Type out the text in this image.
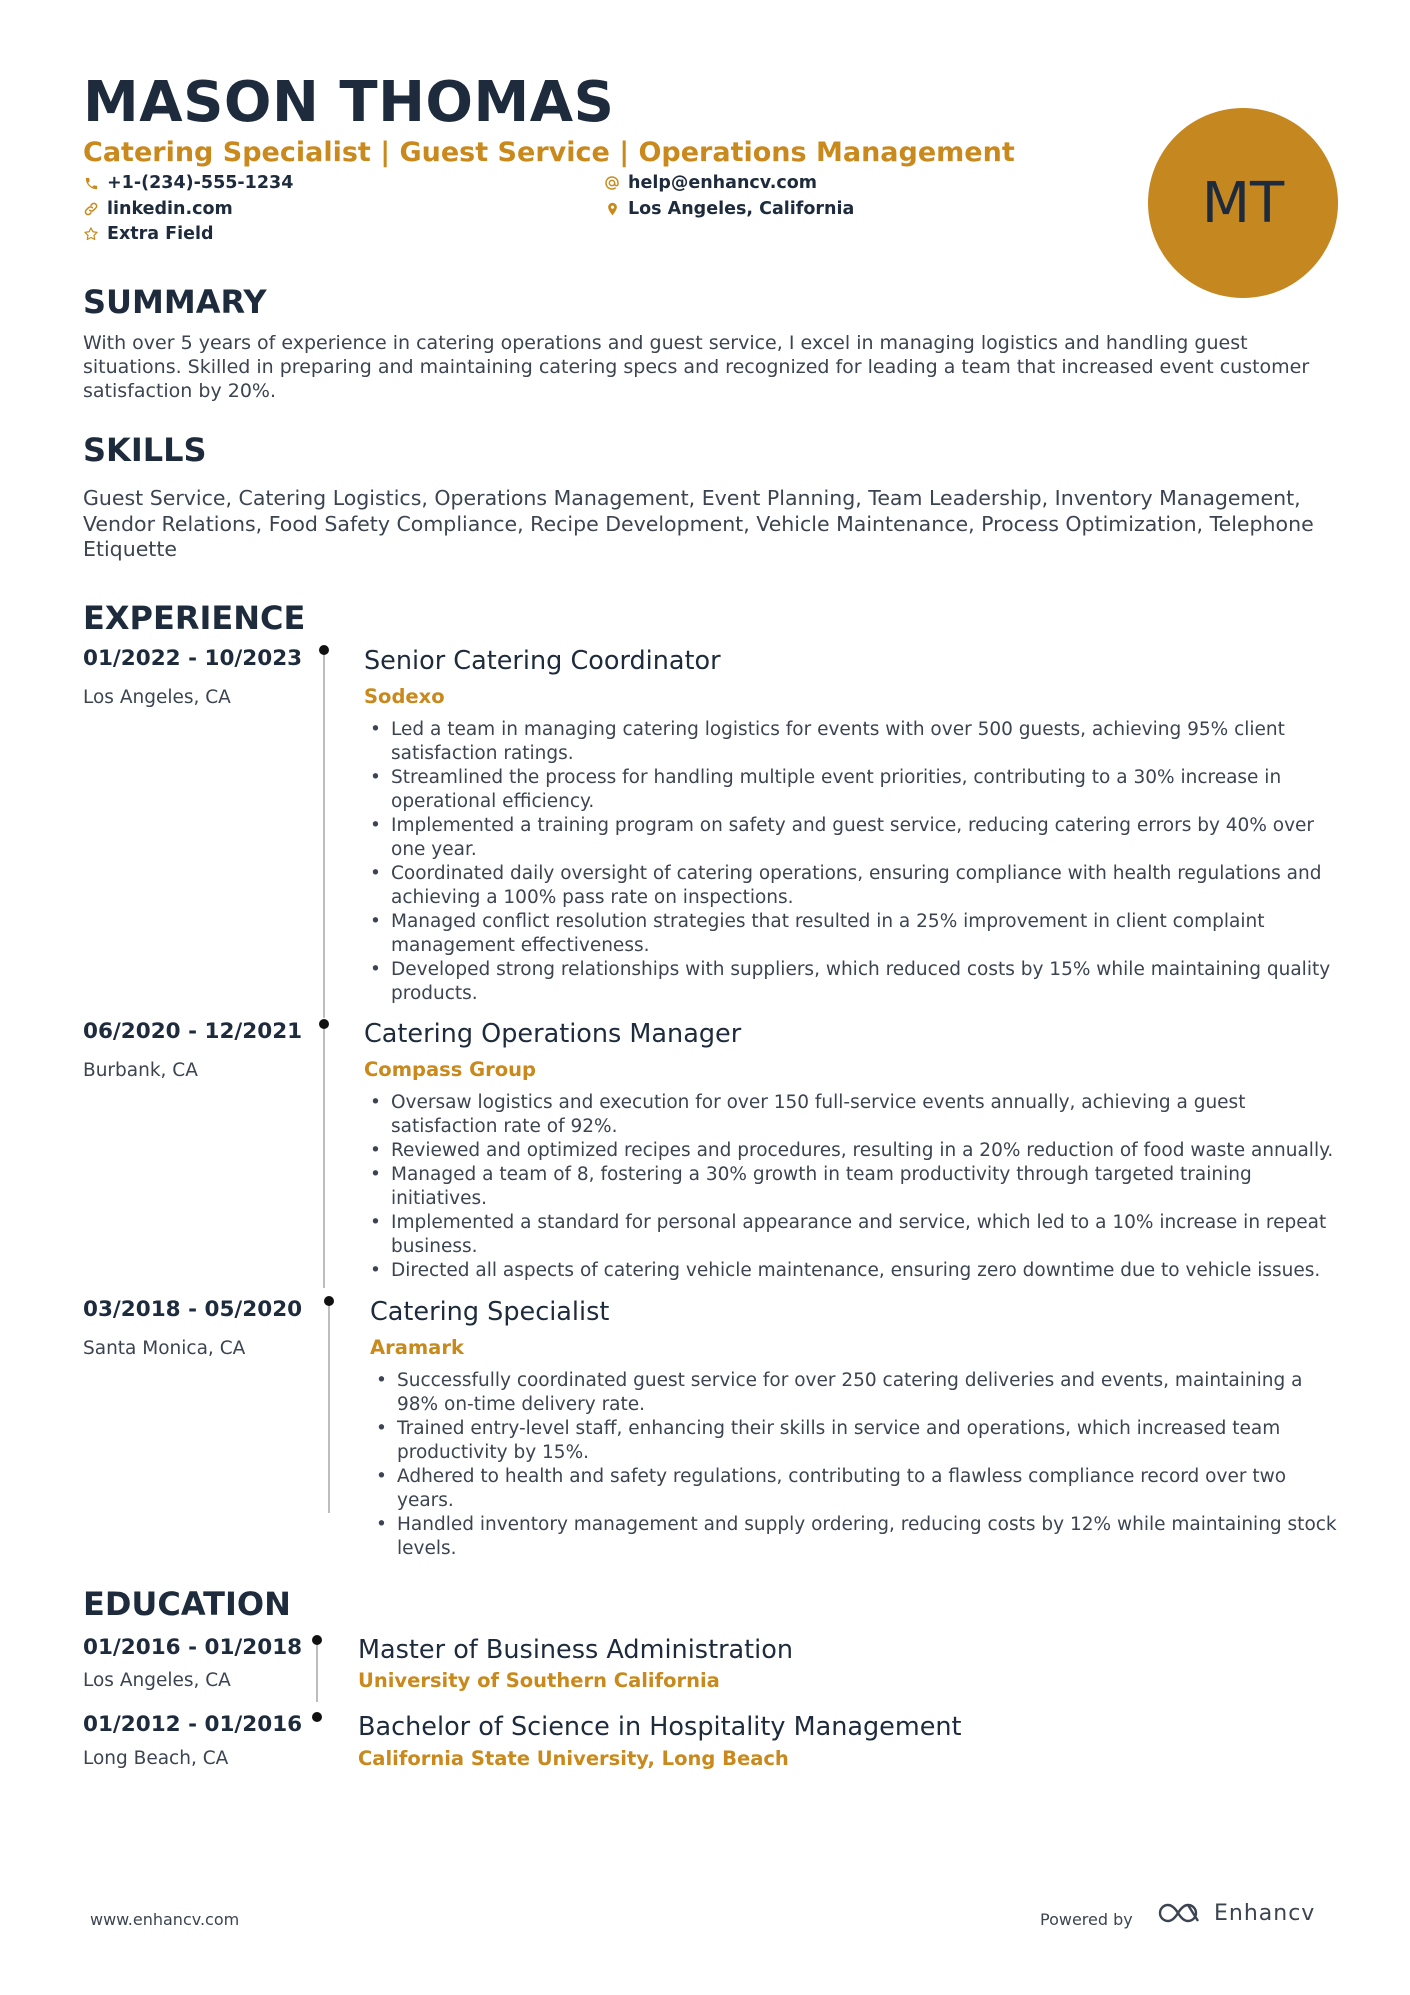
MASON THOMAS
Catering Specialist | Guest Service | Operations Management
+1-(234)-555-1234	help@enhancv.com
linkedin.com	Los Angeles, California
Extra Field	MT
SUMMARY
With over 5 years of experience in catering operations and guest service, I excel in managing logistics and handling guest situations. Skilled in preparing and maintaining catering specs and recognized for leading a team that increased event customer satisfaction by 20%.
SKILLS
Guest Service, Catering Logistics, Operations Management, Event Planning, Team Leadership, Inventory Management, Vendor Relations, Food Safety Compliance, Recipe Development, Vehicle Maintenance, Process Optimization, Telephone Etiquette
EXPERIENCE
01/2022 - 10/2023
Los Angeles, CA
Senior Catering Coordinator
Sodexo
• Led a team in managing catering logistics for events with over 500 guests, achieving 95% client satisfaction ratings.
• Streamlined the process for handling multiple event priorities, contributing to a 30% increase in operational efficiency.
• Implemented a training program on safety and guest service, reducing catering errors by 40% over one year.
• Coordinated daily oversight of catering operations, ensuring compliance with health regulations and achieving a 100% pass rate on inspections.
• Managed conflict resolution strategies that resulted in a 25% improvement in client complaint management effectiveness.
• Developed strong relationships with suppliers, which reduced costs by 15% while maintaining quality products.
06/2020 - 12/2021
Burbank, CA
Catering Operations Manager
Compass Group
• Oversaw logistics and execution for over 150 full-service events annually, achieving a guest satisfaction rate of 92%.
• Reviewed and optimized recipes and procedures, resulting in a 20% reduction of food waste annually.
• Managed a team of 8, fostering a 30% growth in team productivity through targeted training initiatives.
• Implemented a standard for personal appearance and service, which led to a 10% increase in repeat business.
• Directed all aspects of catering vehicle maintenance, ensuring zero downtime due to vehicle issues.
03/2018 - 05/2020
Santa Monica, CA
Catering Specialist
Aramark
• Successfully coordinated guest service for over 250 catering deliveries and events, maintaining a 98% on-time delivery rate.
• Trained entry-level staff, enhancing their skills in service and operations, which increased team productivity by 15%.
• Adhered to health and safety regulations, contributing to a flawless compliance record over two years.
• Handled inventory management and supply ordering, reducing costs by 12% while maintaining stock levels.
EDUCATION
01/2016 - 01/2018
Los Angeles, CA
Master of Business Administration
University of Southern California
01/2012 - 01/2016
Long Beach, CA
Bachelor of Science in Hospitality Management
California State University, Long Beach
www.enhancv.com	Powered by	Enhancv
